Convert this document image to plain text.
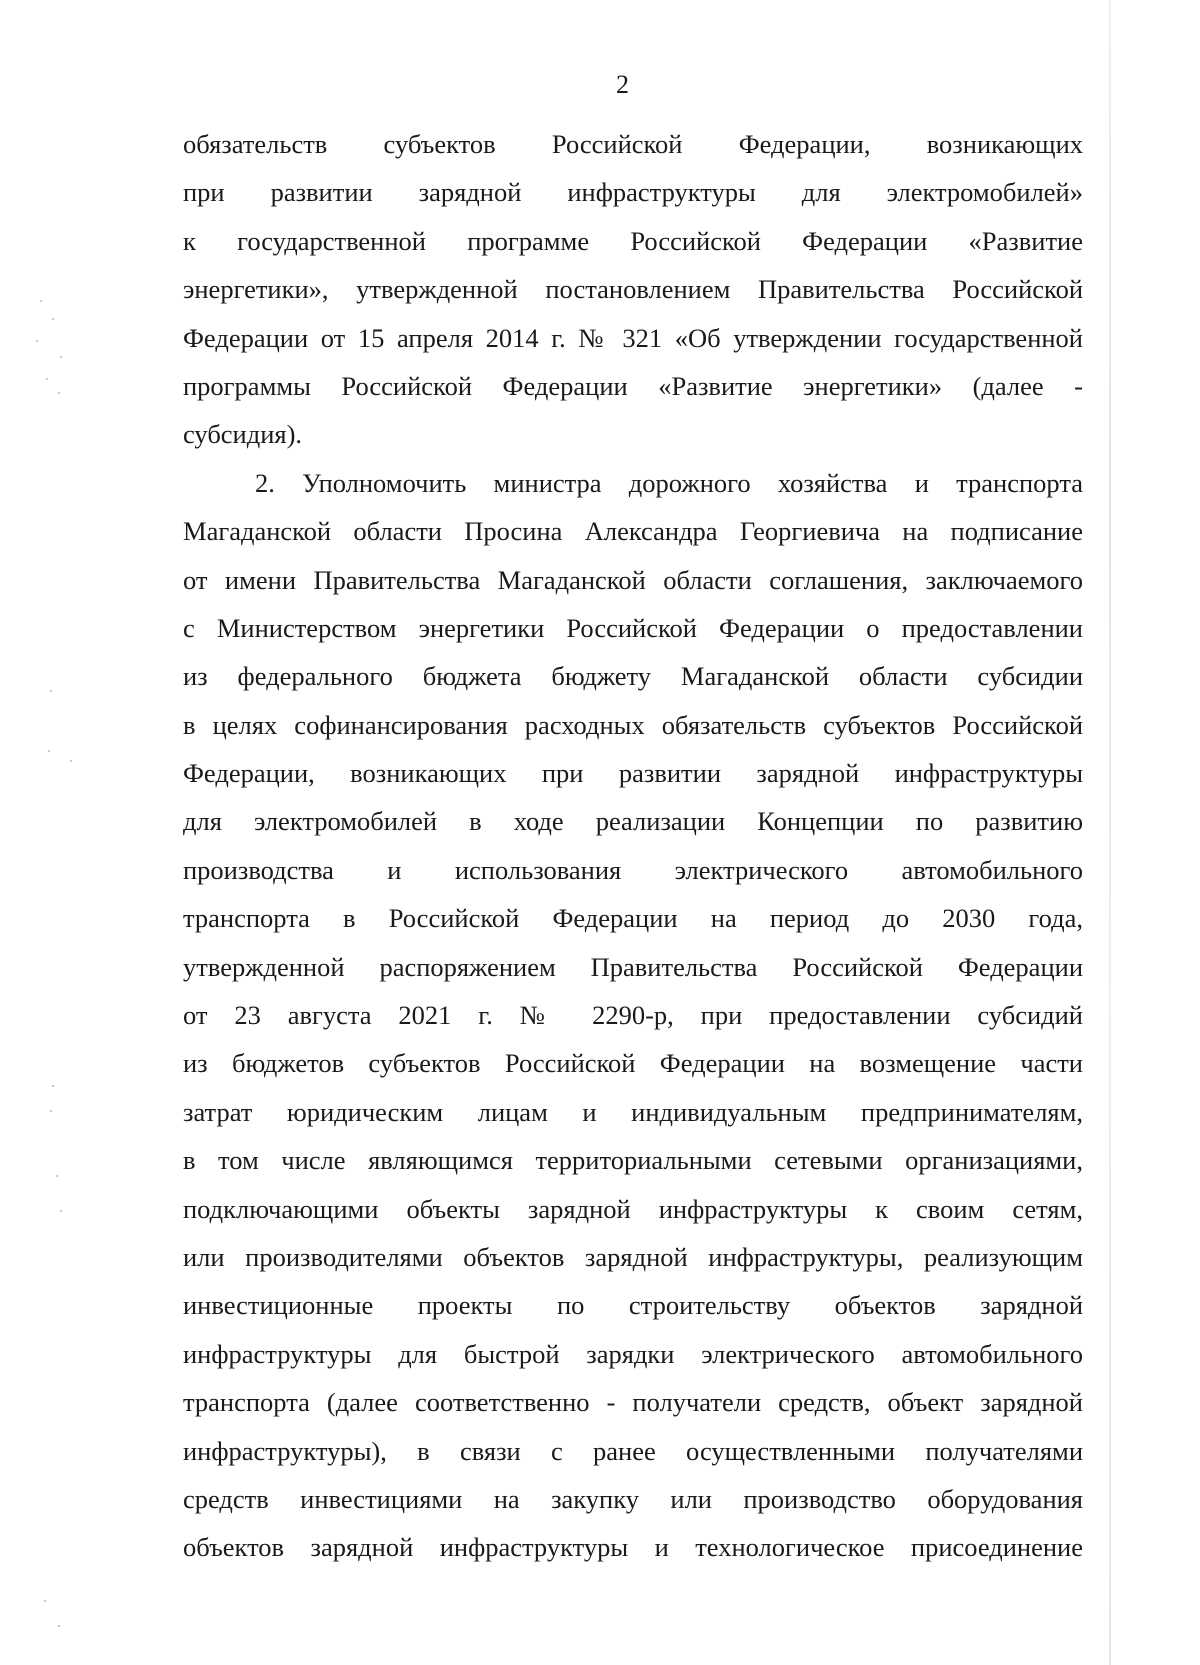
2
обязательств субъектов Российской Федерации, возникающих
при развитии зарядной инфраструктуры для электромобилей»
к государственной программе Российской Федерации «Развитие
энергетики», утвержденной постановлением Правительства Российской
Федерации от 15 апреля 2014 г. № 321 «Об утверждении государственной
программы Российской Федерации «Развитие энергетики» (далее -
субсидия).
2. Уполномочить министра дорожного хозяйства и транспорта
Магаданской области Просина Александра Георгиевича на подписание
от имени Правительства Магаданской области соглашения, заключаемого
с Министерством энергетики Российской Федерации о предоставлении
из федерального бюджета бюджету Магаданской области субсидии
в целях софинансирования расходных обязательств субъектов Российской
Федерации, возникающих при развитии зарядной инфраструктуры
для электромобилей в ходе реализации Концепции по развитию
производства и использования электрического автомобильного
транспорта в Российской Федерации на период до 2030 года,
утвержденной распоряжением Правительства Российской Федерации
от 23 августа 2021 г. № 2290-р, при предоставлении субсидий
из бюджетов субъектов Российской Федерации на возмещение части
затрат юридическим лицам и индивидуальным предпринимателям,
в том числе являющимся территориальными сетевыми организациями,
подключающими объекты зарядной инфраструктуры к своим сетям,
или производителями объектов зарядной инфраструктуры, реализующим
инвестиционные проекты по строительству объектов зарядной
инфраструктуры для быстрой зарядки электрического автомобильного
транспорта (далее соответственно - получатели средств, объект зарядной
инфраструктуры), в связи с ранее осуществленными получателями
средств инвестициями на закупку или производство оборудования
объектов зарядной инфраструктуры и технологическое присоединение
